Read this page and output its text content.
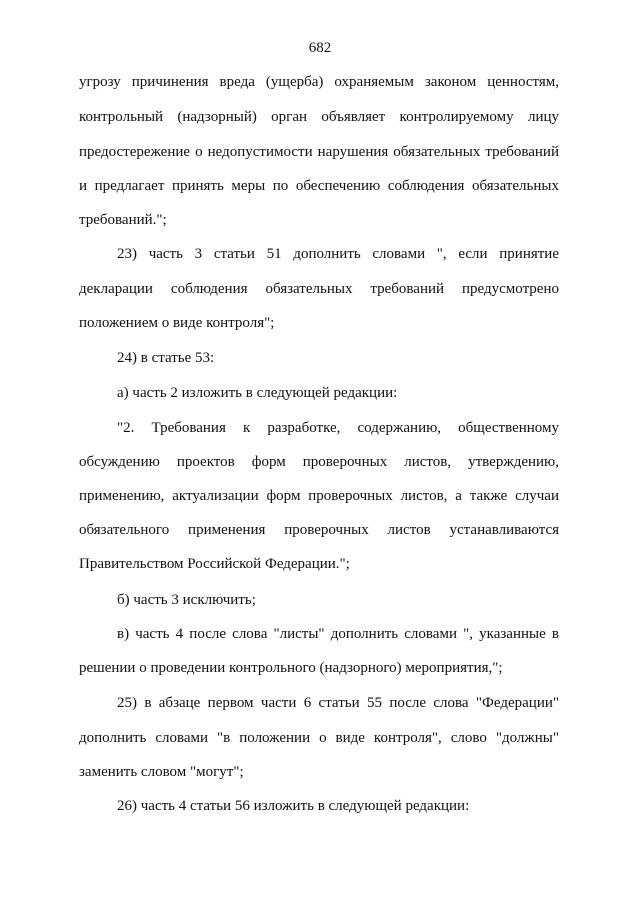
682
угрозу причинения вреда (ущерба) охраняемым законом ценностям,
контрольный (надзорный) орган объявляет контролируемому лицу
предостережение о недопустимости нарушения обязательных требований
и предлагает принять меры по обеспечению соблюдения обязательных
требований.";
23) часть 3 статьи 51 дополнить словами ", если принятие
декларации соблюдения обязательных требований предусмотрено
положением о виде контроля";
24) в статье 53:
а) часть 2 изложить в следующей редакции:
"2. Требования к разработке, содержанию, общественному
обсуждению проектов форм проверочных листов, утверждению,
применению, актуализации форм проверочных листов, а также случаи
обязательного применения проверочных листов устанавливаются
Правительством Российской Федерации.";
б) часть 3 исключить;
в) часть 4 после слова "листы" дополнить словами ", указанные в
решении о проведении контрольного (надзорного) мероприятия,";
25) в абзаце первом части 6 статьи 55 после слова "Федерации"
дополнить словами "в положении о виде контроля", слово "должны"
заменить словом "могут";
26) часть 4 статьи 56 изложить в следующей редакции:
